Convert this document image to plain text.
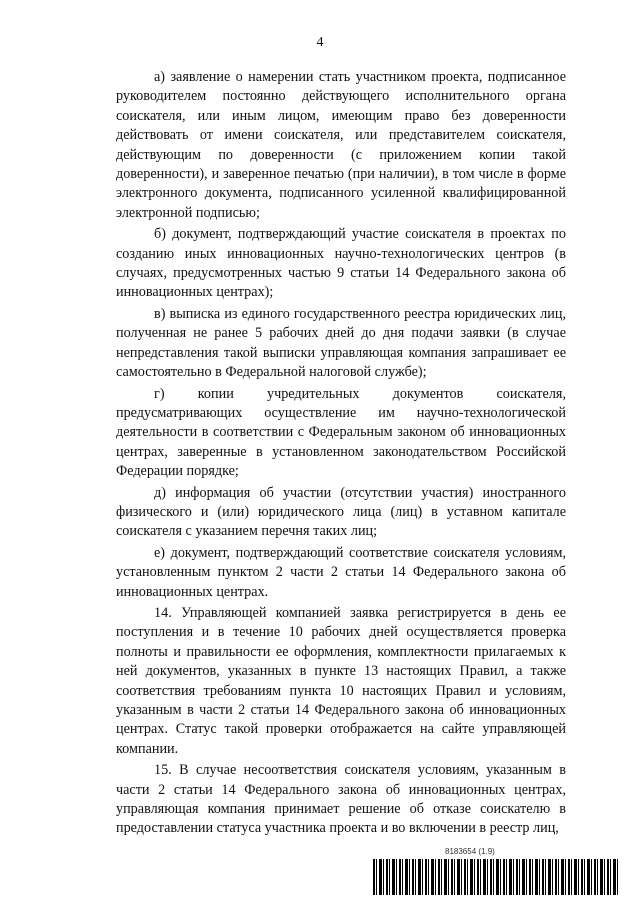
4

а) заявление о намерении стать участником проекта, подписанное руководителем постоянно действующего исполнительного органа соискателя, или иным лицом, имеющим право без доверенности действовать от имени соискателя, или представителем соискателя, действующим по доверенности (с приложением копии такой доверенности), и заверенное печатью (при наличии), в том числе в форме электронного документа, подписанного усиленной квалифицированной электронной подписью;

б) документ, подтверждающий участие соискателя в проектах по созданию иных инновационных научно-технологических центров (в случаях, предусмотренных частью 9 статьи 14 Федерального закона об инновационных центрах);

в) выписка из единого государственного реестра юридических лиц, полученная не ранее 5 рабочих дней до дня подачи заявки (в случае непредставления такой выписки управляющая компания запрашивает ее самостоятельно в Федеральной налоговой службе);

г) копии учредительных документов соискателя, предусматривающих осуществление им научно-технологической деятельности в соответствии с Федеральным законом об инновационных центрах, заверенные в установленном законодательством Российской Федерации порядке;

д) информация об участии (отсутствии участия) иностранного физического и (или) юридического лица (лиц) в уставном капитале соискателя с указанием перечня таких лиц;

е) документ, подтверждающий соответствие соискателя условиям, установленным пунктом 2 части 2 статьи 14 Федерального закона об инновационных центрах.

14. Управляющей компанией заявка регистрируется в день ее поступления и в течение 10 рабочих дней осуществляется проверка полноты и правильности ее оформления, комплектности прилагаемых к ней документов, указанных в пункте 13 настоящих Правил, а также соответствия требованиям пункта 10 настоящих Правил и условиям, указанным в части 2 статьи 14 Федерального закона об инновационных центрах. Статус такой проверки отображается на сайте управляющей компании.

15. В случае несоответствия соискателя условиям, указанным в части 2 статьи 14 Федерального закона об инновационных центрах, управляющая компания принимает решение об отказе соискателю в предоставлении статуса участника проекта и во включении в реестр лиц,

8183654 (1.9)
